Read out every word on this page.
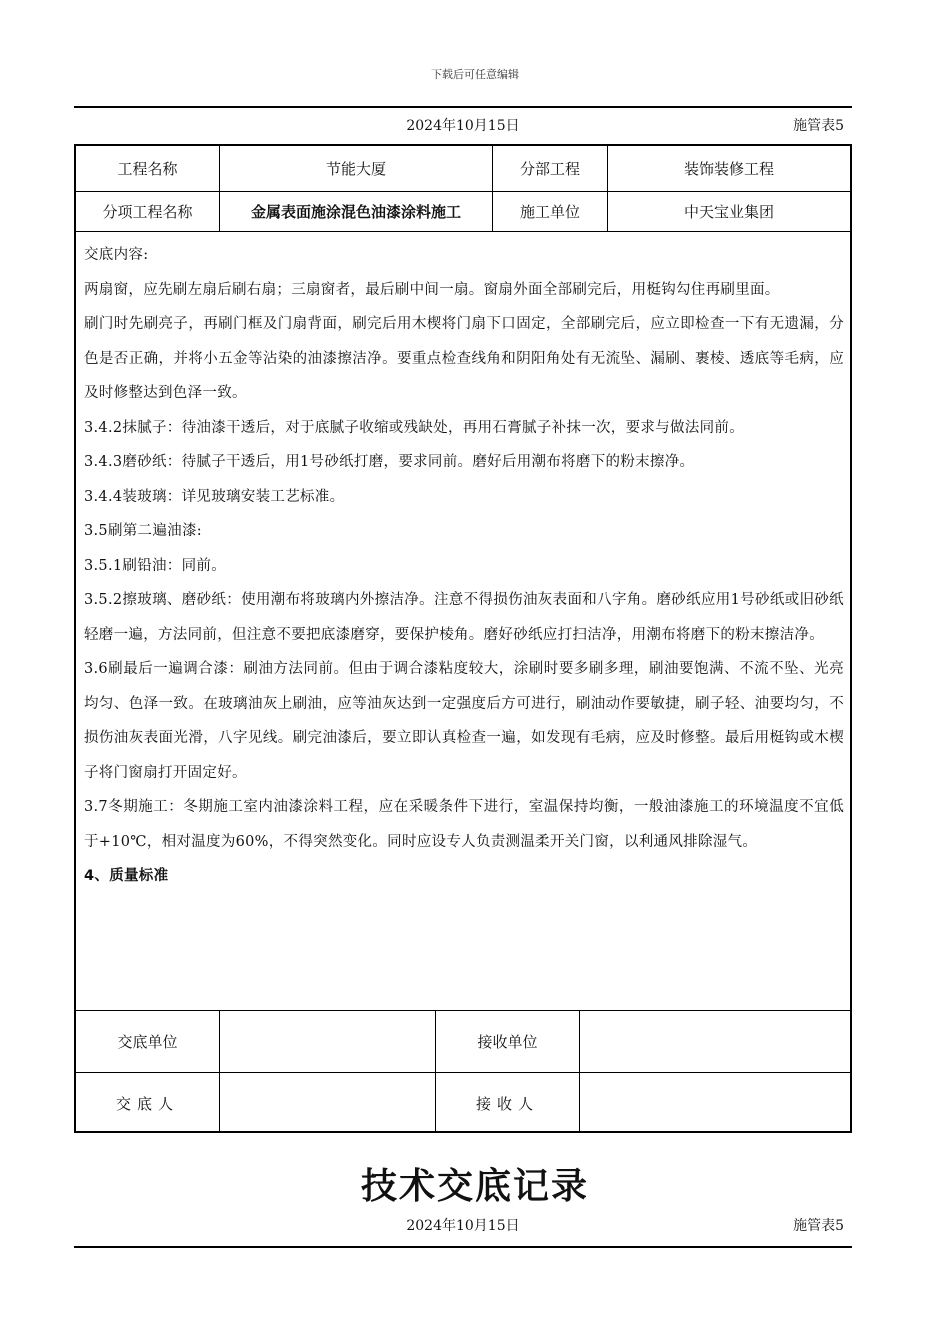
下载后可任意编辑
2024年10月15日	施管表5
工程名称	节能大厦	分部工程	装饰装修工程
分项工程名称	金属表面施涂混色油漆涂料施工	施工单位	中天宝业集团

交底内容:

两扇窗，应先刷左扇后刷右扇；三扇窗者，最后刷中间一扇。窗扇外面全部刷完后，用梃钩勾住再刷里面。

刷门时先刷亮子，再刷门框及门扇背面，刷完后用木楔将门扇下口固定，全部刷完后，应立即检查一下有无遗漏，分色是否正确，并将小五金等沾染的油漆擦洁净。要重点检查线角和阴阳角处有无流坠、漏刷、裹棱、透底等毛病，应及时修整达到色泽一致。

3.4.2抹腻子：待油漆干透后，对于底腻子收缩或残缺处，再用石膏腻子补抹一次，要求与做法同前。

3.4.3磨砂纸：待腻子干透后，用1号砂纸打磨，要求同前。磨好后用潮布将磨下的粉末擦净。

3.4.4装玻璃：详见玻璃安装工艺标准。

3.5刷第二遍油漆:

3.5.1刷铅油：同前。

3.5.2擦玻璃、磨砂纸：使用潮布将玻璃内外擦洁净。注意不得损伤油灰表面和八字角。磨砂纸应用1号砂纸或旧砂纸轻磨一遍，方法同前，但注意不要把底漆磨穿，要保护棱角。磨好砂纸应打扫洁净，用潮布将磨下的粉末擦洁净。

3.6刷最后一遍调合漆：刷油方法同前。但由于调合漆粘度较大，涂刷时要多刷多理，刷油要饱满、不流不坠、光亮均匀、色泽一致。在玻璃油灰上刷油，应等油灰达到一定强度后方可进行，刷油动作要敏捷，刷子轻、油要均匀，不损伤油灰表面光滑，八字见线。刷完油漆后，要立即认真检查一遍，如发现有毛病，应及时修整。最后用梃钩或木楔子将门窗扇打开固定好。

3.7冬期施工：冬期施工室内油漆涂料工程，应在采暖条件下进行，室温保持均衡，一般油漆施工的环境温度不宜低于+10℃，相对温度为60%，不得突然变化。同时应设专人负责测温柔开关门窗，以利通风排除湿气。

4、质量标准

交底单位	接收单位
交底人	接收人
技术交底记录
2024年10月15日	施管表5
